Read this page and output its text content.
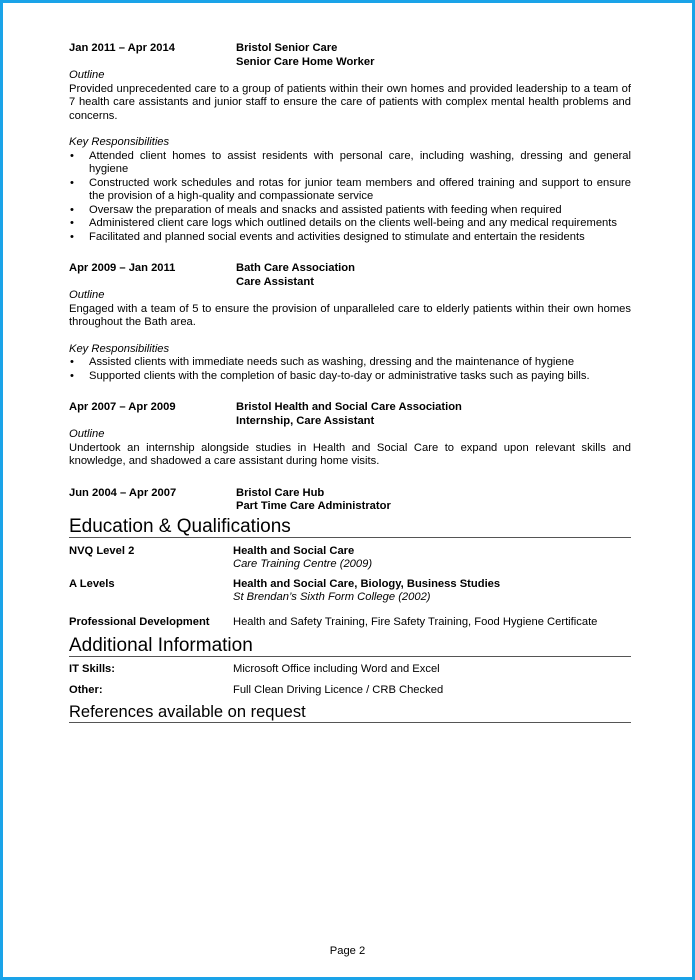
Jan 2011 – Apr 2014	Bristol Senior Care
Senior Care Home Worker
Outline
Provided unprecedented care to a group of patients within their own homes and provided leadership to a team of 7 health care assistants and junior staff to ensure the care of patients with complex mental health problems and concerns.
Key Responsibilities
• Attended client homes to assist residents with personal care, including washing, dressing and general hygiene
• Constructed work schedules and rotas for junior team members and offered training and support to ensure the provision of a high-quality and compassionate service
• Oversaw the preparation of meals and snacks and assisted patients with feeding when required
• Administered client care logs which outlined details on the clients well-being and any medical requirements
• Facilitated and planned social events and activities designed to stimulate and entertain the residents
Apr 2009 – Jan 2011	Bath Care Association
Care Assistant
Outline
Engaged with a team of 5 to ensure the provision of unparalleled care to elderly patients within their own homes throughout the Bath area.
Key Responsibilities
• Assisted clients with immediate needs such as washing, dressing and the maintenance of hygiene
• Supported clients with the completion of basic day-to-day or administrative tasks such as paying bills.
Apr 2007 – Apr 2009	Bristol Health and Social Care Association
Internship, Care Assistant
Outline
Undertook an internship alongside studies in Health and Social Care to expand upon relevant skills and knowledge, and shadowed a care assistant during home visits.
Jun 2004 – Apr 2007	Bristol Care Hub
Part Time Care Administrator
Education & Qualifications
NVQ Level 2	Health and Social Care
Care Training Centre (2009)
A Levels	Health and Social Care, Biology, Business Studies
St Brendan’s Sixth Form College (2002)
Professional Development	Health and Safety Training, Fire Safety Training, Food Hygiene Certificate
Additional Information
IT Skills:	Microsoft Office including Word and Excel
Other:	Full Clean Driving Licence / CRB Checked
References available on request
Page 2
